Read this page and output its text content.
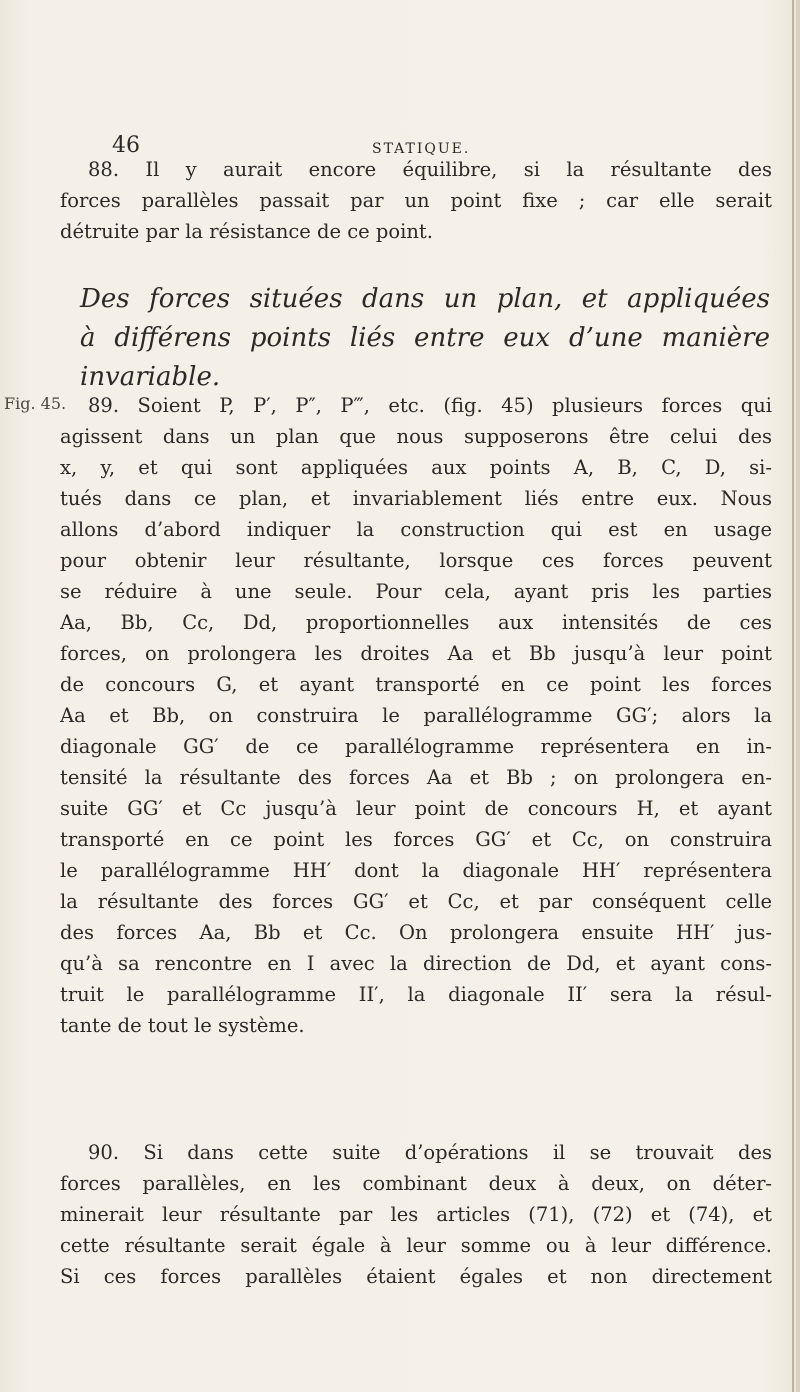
46	STATIQUE.
88. Il y aurait encore équilibre, si la résultante des
forces parallèles passait par un point fixe ; car elle serait
détruite par la résistance de ce point.
Des forces situées dans un plan, et appliquées
à différens points liés entre eux d’une manière
invariable.
Fig. 45.	89. Soient P, P′, P″, P‴, etc. (fig. 45) plusieurs forces qui
agissent dans un plan que nous supposerons être celui des
x, y, et qui sont appliquées aux points A, B, C, D, si-
tués dans ce plan, et invariablement liés entre eux. Nous
allons d’abord indiquer la construction qui est en usage
pour obtenir leur résultante, lorsque ces forces peuvent
se réduire à une seule. Pour cela, ayant pris les parties
Aa, Bb, Cc, Dd, proportionnelles aux intensités de ces
forces, on prolongera les droites Aa et Bb jusqu’à leur point
de concours G, et ayant transporté en ce point les forces
Aa et Bb, on construira le parallélogramme GG′; alors la
diagonale GG′ de ce parallélogramme représentera en in-
tensité la résultante des forces Aa et Bb ; on prolongera en-
suite GG′ et Cc jusqu’à leur point de concours H, et ayant
transporté en ce point les forces GG′ et Cc, on construira
le parallélogramme HH′ dont la diagonale HH′ représentera
la résultante des forces GG′ et Cc, et par conséquent celle
des forces Aa, Bb et Cc. On prolongera ensuite HH′ jus-
qu’à sa rencontre en I avec la direction de Dd, et ayant cons-
truit le parallélogramme II′, la diagonale II′ sera la résul-
tante de tout le système.
90. Si dans cette suite d’opérations il se trouvait des
forces parallèles, en les combinant deux à deux, on déter-
minerait leur résultante par les articles (71), (72) et (74), et
cette résultante serait égale à leur somme ou à leur différence.
Si ces forces parallèles étaient égales et non directement
